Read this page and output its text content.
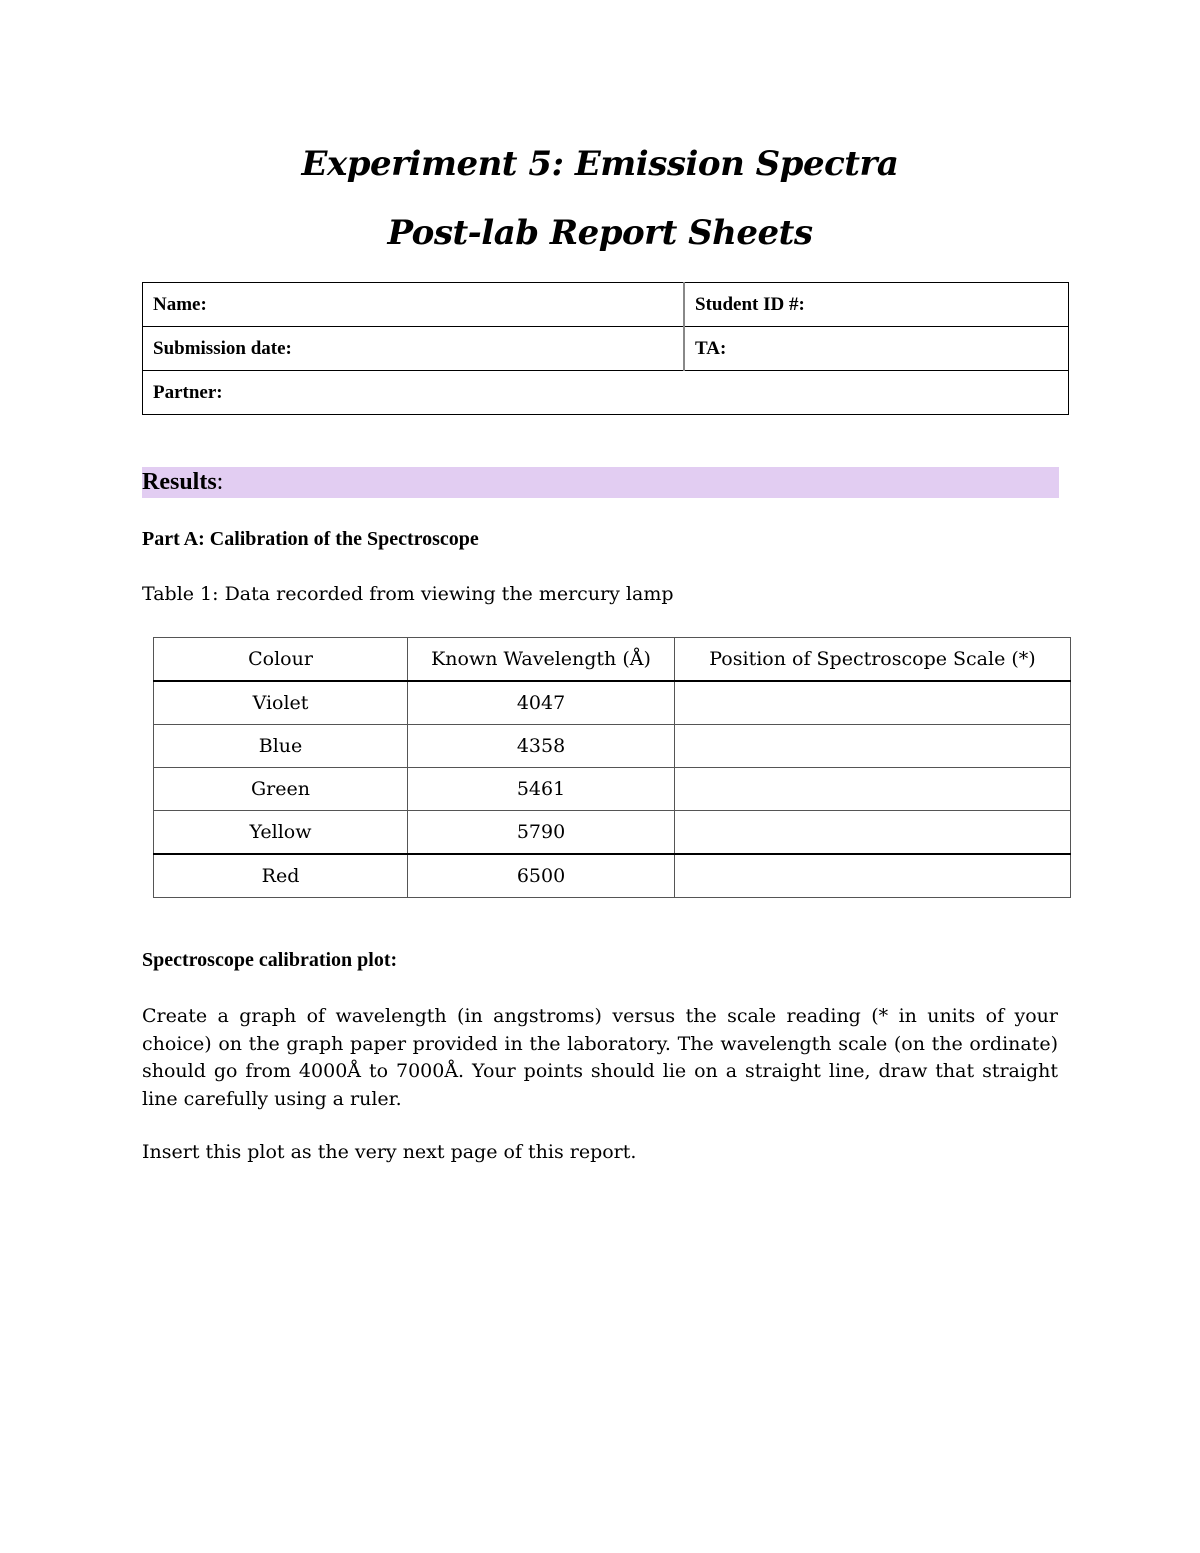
Experiment 5: Emission Spectra
Post-lab Report Sheets
Name:	Student ID #:
Submission date:	TA:
Partner:	
Results:
Part A: Calibration of the Spectroscope
Table 1: Data recorded from viewing the mercury lamp
Colour	Known Wavelength (Å)	Position of Spectroscope Scale (*)
Violet	4047	
Blue	4358	
Green	5461	
Yellow	5790	
Red	6500	
Spectroscope calibration plot:
Create a graph of wavelength (in angstroms) versus the scale reading (* in units of your choice) on the graph paper provided in the laboratory. The wavelength scale (on the ordinate) should go from 4000Å to 7000Å. Your points should lie on a straight line, draw that straight line carefully using a ruler.
Insert this plot as the very next page of this report.
